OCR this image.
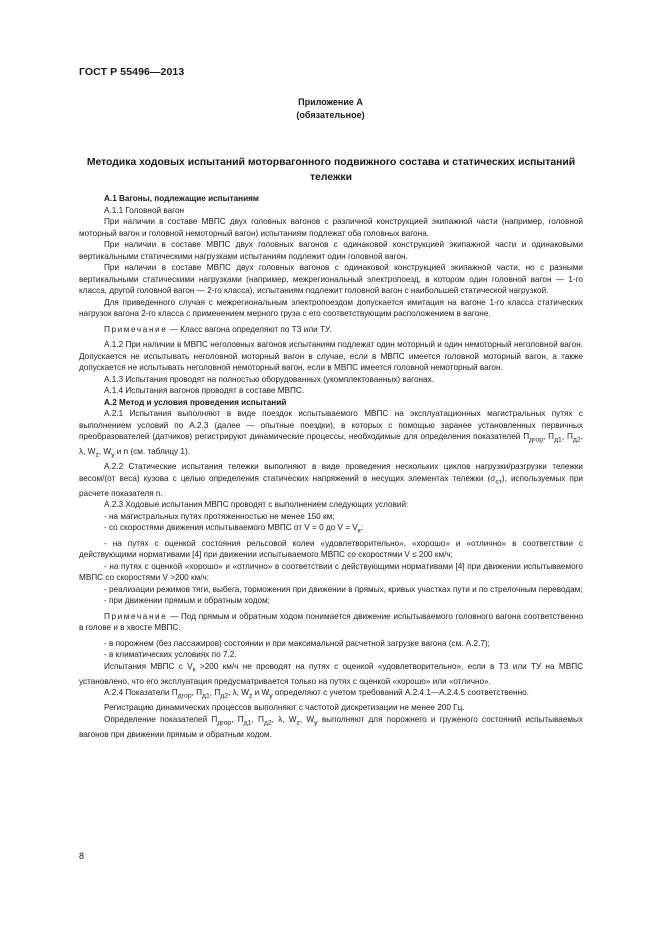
ГОСТ Р 55496—2013
Приложение А
(обязательное)
Методика ходовых испытаний моторвагонного подвижного состава и статических испытаний тележки

А.1 Вагоны, подлежащие испытаниям

А.1.1 Головной вагон

При наличии в составе МВПС двух головных вагонов с различной конструкцией экипажной части (например, головной моторный вагон и головной немоторный вагон) испытаниям подлежат оба головных вагона.

При наличии в составе МВПС двух головных вагонов с одинаковой конструкцией экипажной части и одинаковыми вертикальными статическими нагрузками испытаниям подлежит один головной вагон.

При наличии в составе МВПС двух головных вагонов с одинаковой конструкцией экипажной части, но с разными вертикальными статическими нагрузками (например, межрегиональный электропоезд, в котором один головной вагон — 1-го класса, другой головной вагон — 2-го класса), испытаниям подлежит головной вагон с наибольшей статической нагрузкой.

Для приведенного случая с межрегиональным электропоездом допускается имитация на вагоне 1-го класса статических нагрузок вагона 2-го класса с применением мерного груза с его соответствующим расположением в вагоне.

Примечание — Класс вагона определяют по ТЗ или ТУ.

А.1.2 При наличии в МВПС неголовных вагонов испытаниям подлежат один моторный и один немоторный неголовной вагон. Допускается не испытывать неголовной моторный вагон в случае, если в МВПС имеется головной моторный вагон, а также допускается не испытывать неголовной немоторный вагон, если в МВПС имеется головной немоторный вагон.

А.1.3 Испытания проводят на полностью оборудованных (укомплектованных) вагонах.

А.1.4 Испытания вагонов проводят в составе МВПС.

А.2 Метод и условия проведения испытаний

А.2.1 Испытания выполняют в виде поездок испытываемого МВПС на эксплуатационных магистральных путях с выполнением условий по А.2.3 (далее — опытные поездки), в которых с помощью заранее установленных первичных преобразователей (датчиков) регистрируют динамические процессы, необходимые для определения показателей $П_{дгор}$, $П_{д1}$, $П_{д2}$, λ, $W_z$, $W_y$ и n (см. таблицу 1).

А.2.2 Статические испытания тележки выполняют в виде проведения нескольких циклов нагрузки/разгрузки тележки весом/(от веса) кузова с целью определения статических напряжений в несущих элементах тележки $(\sigma_{ст})$, используемых при расчете показателя n.

А.2.3 Ходовые испытания МВПС проводят с выполнением следующих условий:

- на магистральных путях протяженностью не менее 150 км;

- со скоростями движения испытываемого МВПС от V = 0 до $V = V_к$;

- на путях с оценкой состояния рельсовой колеи «удовлетворительно», «хорошо» и «отлично» в соответствии с действующими нормативами [4] при движении испытываемого МВПС со скоростями V ≤ 200 км/ч;

- на путях с оценкой «хорошо» и «отлично» в соответствии с действующими нормативами [4] при движении испытываемого МВПС со скоростями V >200 км/ч;

- реализации режимов тяги, выбега, торможения при движении в прямых, кривых участках пути и по стрелочным переводам;

- при движении прямым и обратным ходом;

Примечание — Под прямым и обратным ходом понимается движение испытываемого головного вагона соответственно в голове и в хвосте МВПС.

- в порожнем (без пассажиров) состоянии и при максимальной расчетной загрузке вагона (см. А.2.7);

- в климатических условиях по 7.2.

Испытания МВПС с $V_к >200$ км/ч не проводят на путях с оценкой «удовлетворительно», если в ТЗ или ТУ на МВПС установлено, что его эксплуатация предусматривается только на путях с оценкой «хорошо» или «отлично».

А.2.4 Показатели $П_{дгор}$, $П_{д1}$, $П_{д2}$, λ, $W_z$ и $W_y$ определяют с учетом требований А.2.4.1—А.2.4.5 соответственно.

Регистрацию динамических процессов выполняют с частотой дискретизации не менее 200 Гц.

Определение показателей $П_{дгор}$, $П_{д1}$, $П_{д2}$, λ, $W_z$, $W_y$ выполняют для порожнего и груженого состояний испытываемых вагонов при движении прямым и обратным ходом.

8
